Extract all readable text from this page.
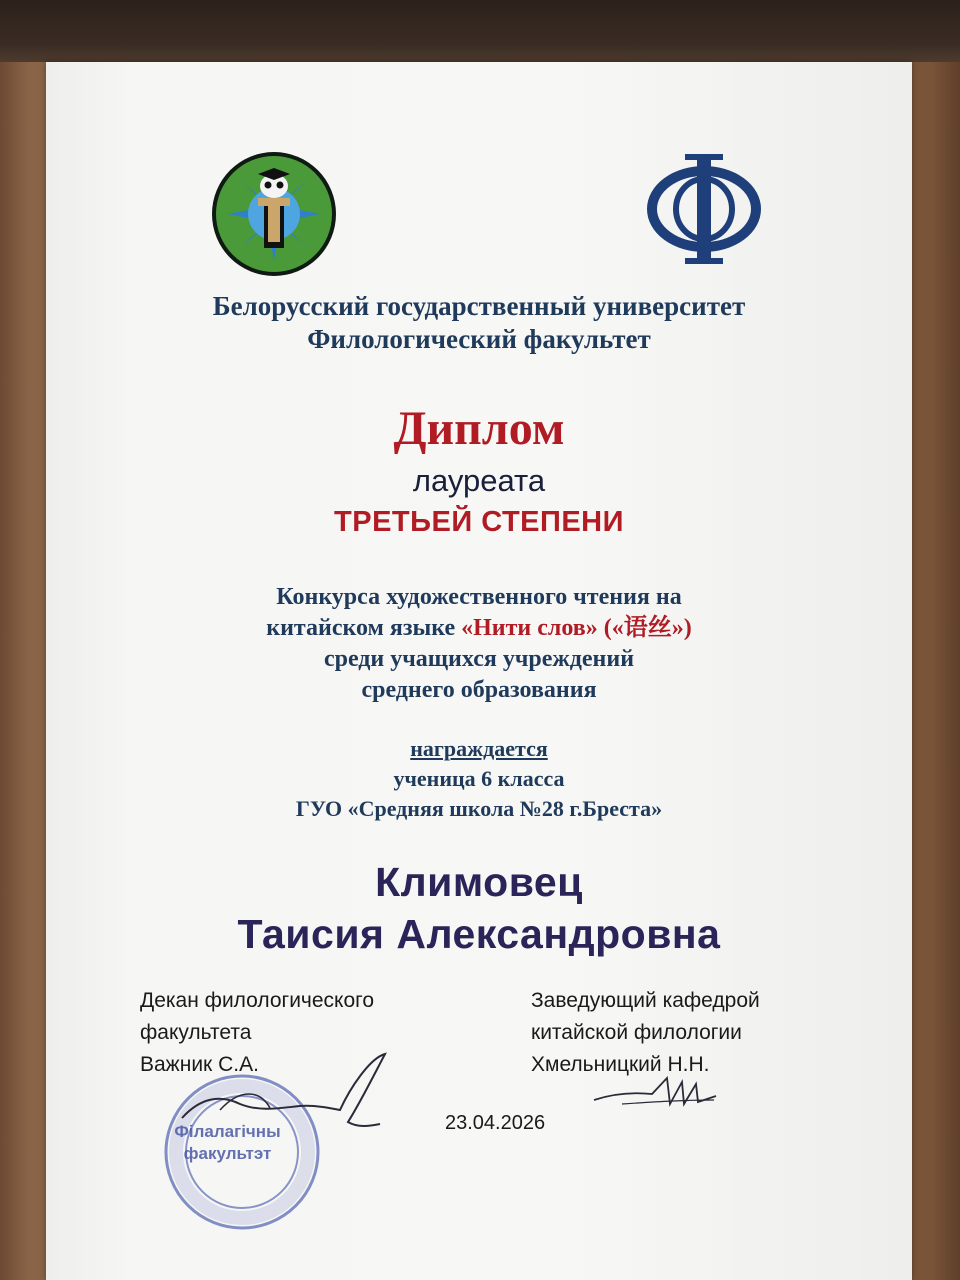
Белорусский государственный университет
Филологический факультет
Диплом
лауреата
ТРЕТЬЕЙ СТЕПЕНИ
Конкурса художественного чтения на
китайском языке «Нити слов» («语丝»)
среди учащихся учреждений
среднего образования
награждается
ученица 6 класса
ГУО «Средняя школа №28 г.Бреста»
Климовец
Таисия Александровна
Декан филологического
факультета
Важник С.А.
Заведующий кафедрой
китайской филологии
Хмельницкий Н.Н.
Філалагічны
факультэт
23.04.2026
